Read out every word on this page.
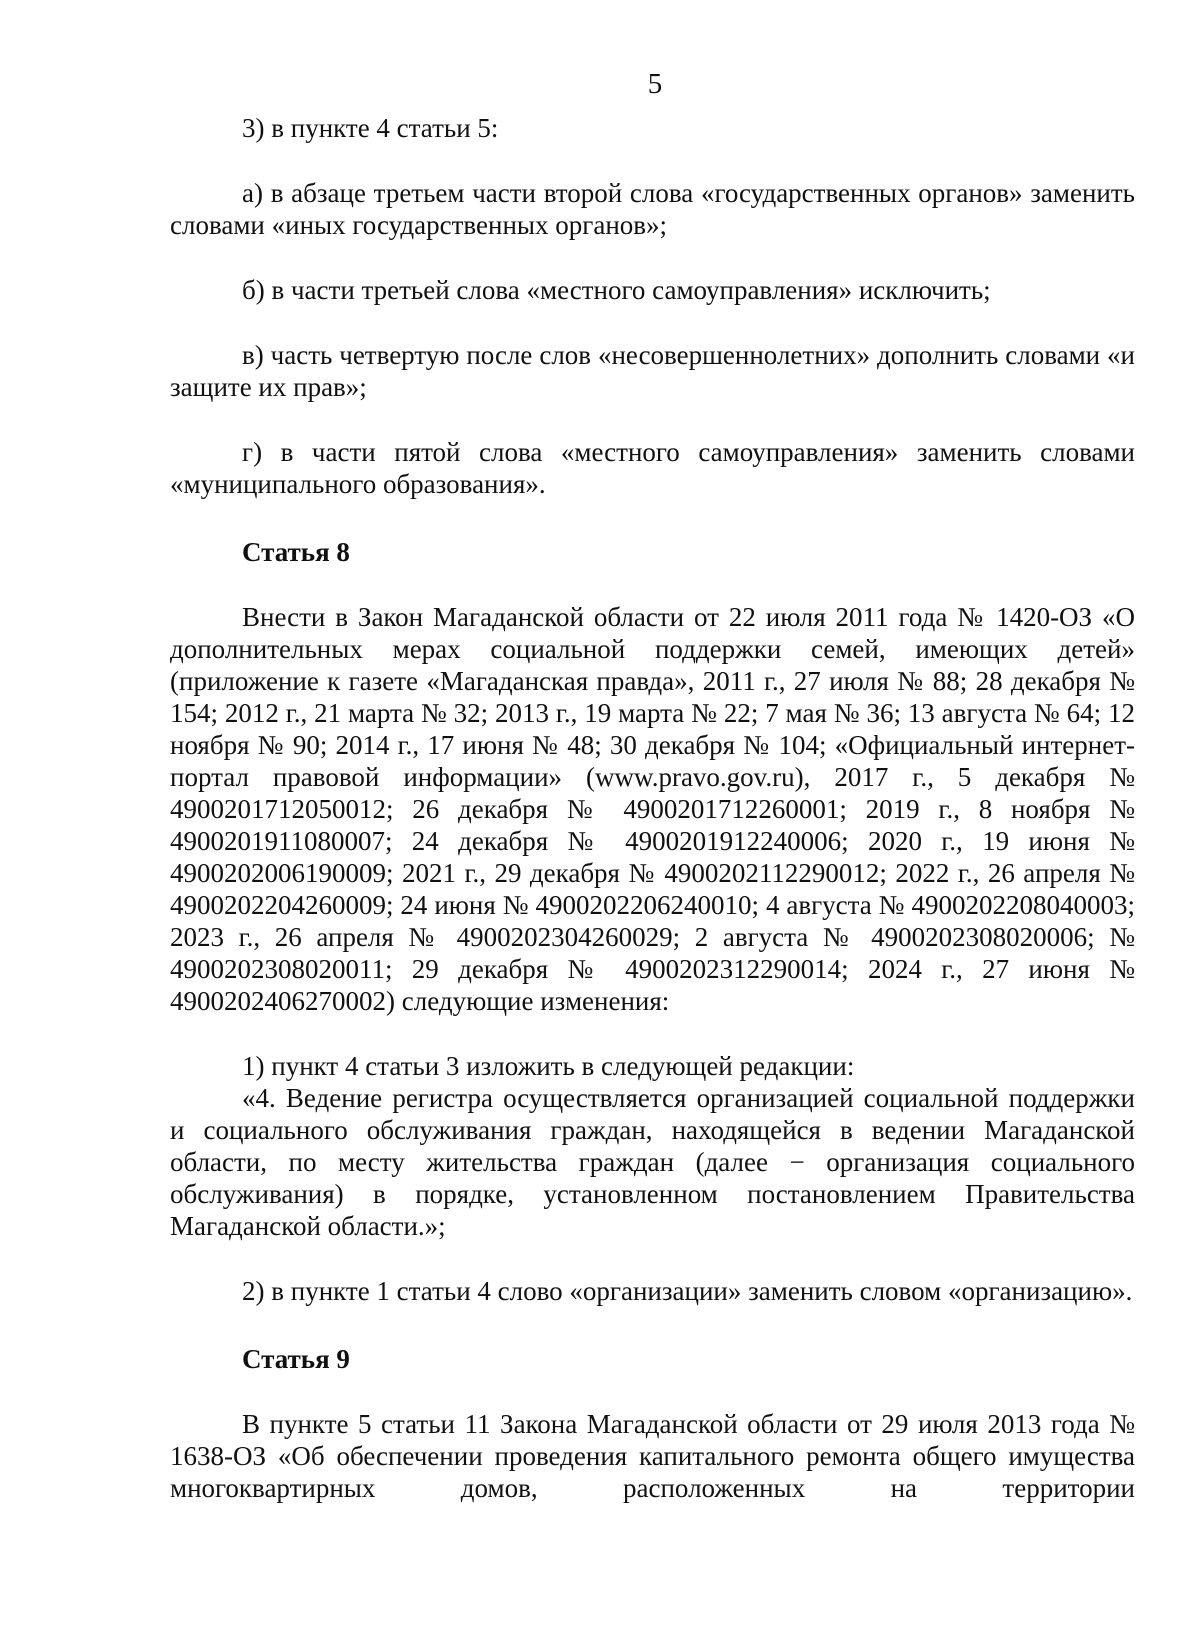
5

3) в пункте 4 статьи 5:

а) в абзаце третьем части второй слова «государственных органов» заменить словами «иных государственных органов»;

б) в части третьей слова «местного самоуправления» исключить;

в) часть четвертую после слов «несовершеннолетних» дополнить словами «и защите их прав»;

г) в части пятой слова «местного самоуправления» заменить словами «муниципального образования».

Статья 8

Внести в Закон Магаданской области от 22 июля 2011 года № 1420-ОЗ «О дополнительных мерах социальной поддержки семей, имеющих детей» (приложение к газете «Магаданская правда», 2011 г., 27 июля № 88; 28 декабря № 154; 2012 г., 21 марта № 32; 2013 г., 19 марта № 22; 7 мая № 36; 13 августа № 64; 12 ноября № 90; 2014 г., 17 июня № 48; 30 декабря № 104; «Официальный интернет-портал правовой информации» (www.pravo.gov.ru), 2017 г., 5 декабря № 4900201712050012; 26 декабря № 4900201712260001; 2019 г., 8 ноября № 4900201911080007; 24 декабря № 4900201912240006; 2020 г., 19 июня № 4900202006190009; 2021 г., 29 декабря № 4900202112290012; 2022 г., 26 апреля № 4900202204260009; 24 июня № 4900202206240010; 4 августа № 4900202208040003; 2023 г., 26 апреля № 4900202304260029; 2 августа № 4900202308020006; № 4900202308020011; 29 декабря № 4900202312290014; 2024 г., 27 июня № 4900202406270002) следующие изменения:

1) пункт 4 статьи 3 изложить в следующей редакции:

«4. Ведение регистра осуществляется организацией социальной поддержки и социального обслуживания граждан, находящейся в ведении Магаданской области, по месту жительства граждан (далее − организация социального обслуживания) в порядке, установленном постановлением Правительства Магаданской области.»;

2) в пункте 1 статьи 4 слово «организации» заменить словом «организацию».

Статья 9

В пункте 5 статьи 11 Закона Магаданской области от 29 июля 2013 года № 1638-ОЗ «Об обеспечении проведения капитального ремонта общего имущества многоквартирных домов, расположенных на территории
